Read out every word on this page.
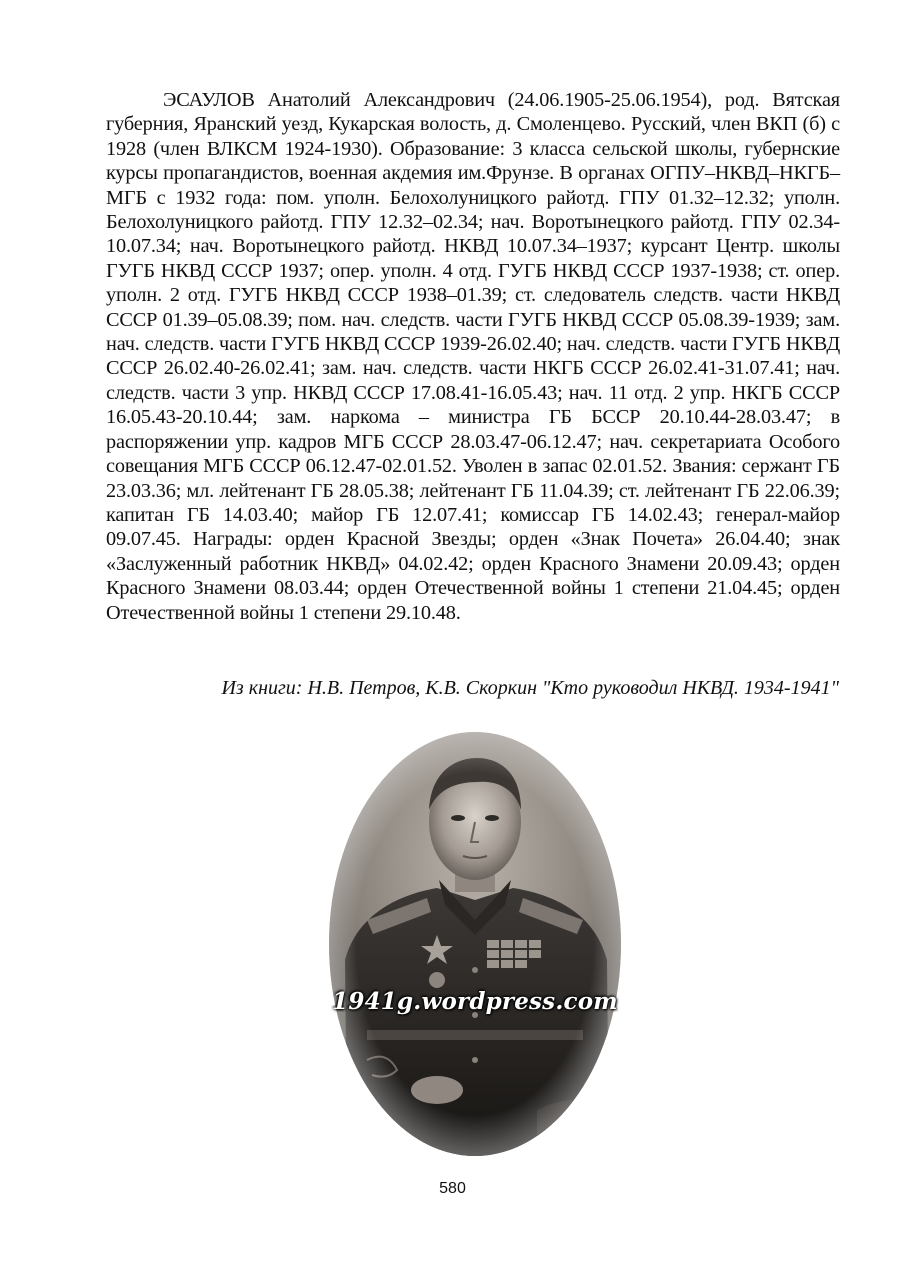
ЭСАУЛОВ Анатолий Александрович (24.06.1905-25.06.1954), род. Вятская губерния, Яранский уезд, Кукарская волость, д. Смоленцево. Русский, член ВКП (б) с 1928 (член ВЛКСМ 1924-1930). Образование: 3 класса сельской школы, губернские курсы пропагандистов, военная акдемия им.Фрунзе. В органах ОГПУ–НКВД–НКГБ–МГБ с 1932 года: пом. уполн. Белохолуницкого райотд. ГПУ 01.32–12.32; уполн. Белохолуницкого райотд. ГПУ 12.32–02.34; нач. Воротынецкого райотд. ГПУ 02.34-10.07.34; нач. Воротынецкого райотд. НКВД 10.07.34–1937; курсант Центр. школы ГУГБ НКВД СССР 1937; опер. уполн. 4 отд. ГУГБ НКВД СССР 1937-1938; ст. опер. уполн. 2 отд. ГУГБ НКВД СССР 1938–01.39; ст. следователь следств. части НКВД СССР 01.39–05.08.39; пом. нач. следств. части ГУГБ НКВД СССР 05.08.39-1939; зам. нач. следств. части ГУГБ НКВД СССР 1939-26.02.40; нач. следств. части ГУГБ НКВД СССР 26.02.40-26.02.41; зам. нач. следств. части НКГБ СССР 26.02.41-31.07.41; нач. следств. части 3 упр. НКВД СССР 17.08.41-16.05.43; нач. 11 отд. 2 упр. НКГБ СССР 16.05.43-20.10.44; зам. наркома – министра ГБ БССР 20.10.44-28.03.47; в распоряжении упр. кадров МГБ СССР 28.03.47-06.12.47; нач. секретариата Особого совещания МГБ СССР 06.12.47-02.01.52. Уволен в запас 02.01.52. Звания: сержант ГБ 23.03.36; мл. лейтенант ГБ 28.05.38; лейтенант ГБ 11.04.39; ст. лейтенант ГБ 22.06.39; капитан ГБ 14.03.40; майор ГБ 12.07.41; комиссар ГБ 14.02.43; генерал-майор 09.07.45. Награды: орден Красной Звезды; орден «Знак Почета» 26.04.40; знак «Заслуженный работник НКВД» 04.02.42; орден Красного Знамени 20.09.43; орден Красного Знамени 08.03.44; орден Отечественной войны 1 степени 21.04.45; орден Отечественной войны 1 степени 29.10.48.

Из книги: Н.В. Петров, К.В. Скоркин "Кто руководил НКВД. 1934-1941"

1941g.wordpress.com
580
